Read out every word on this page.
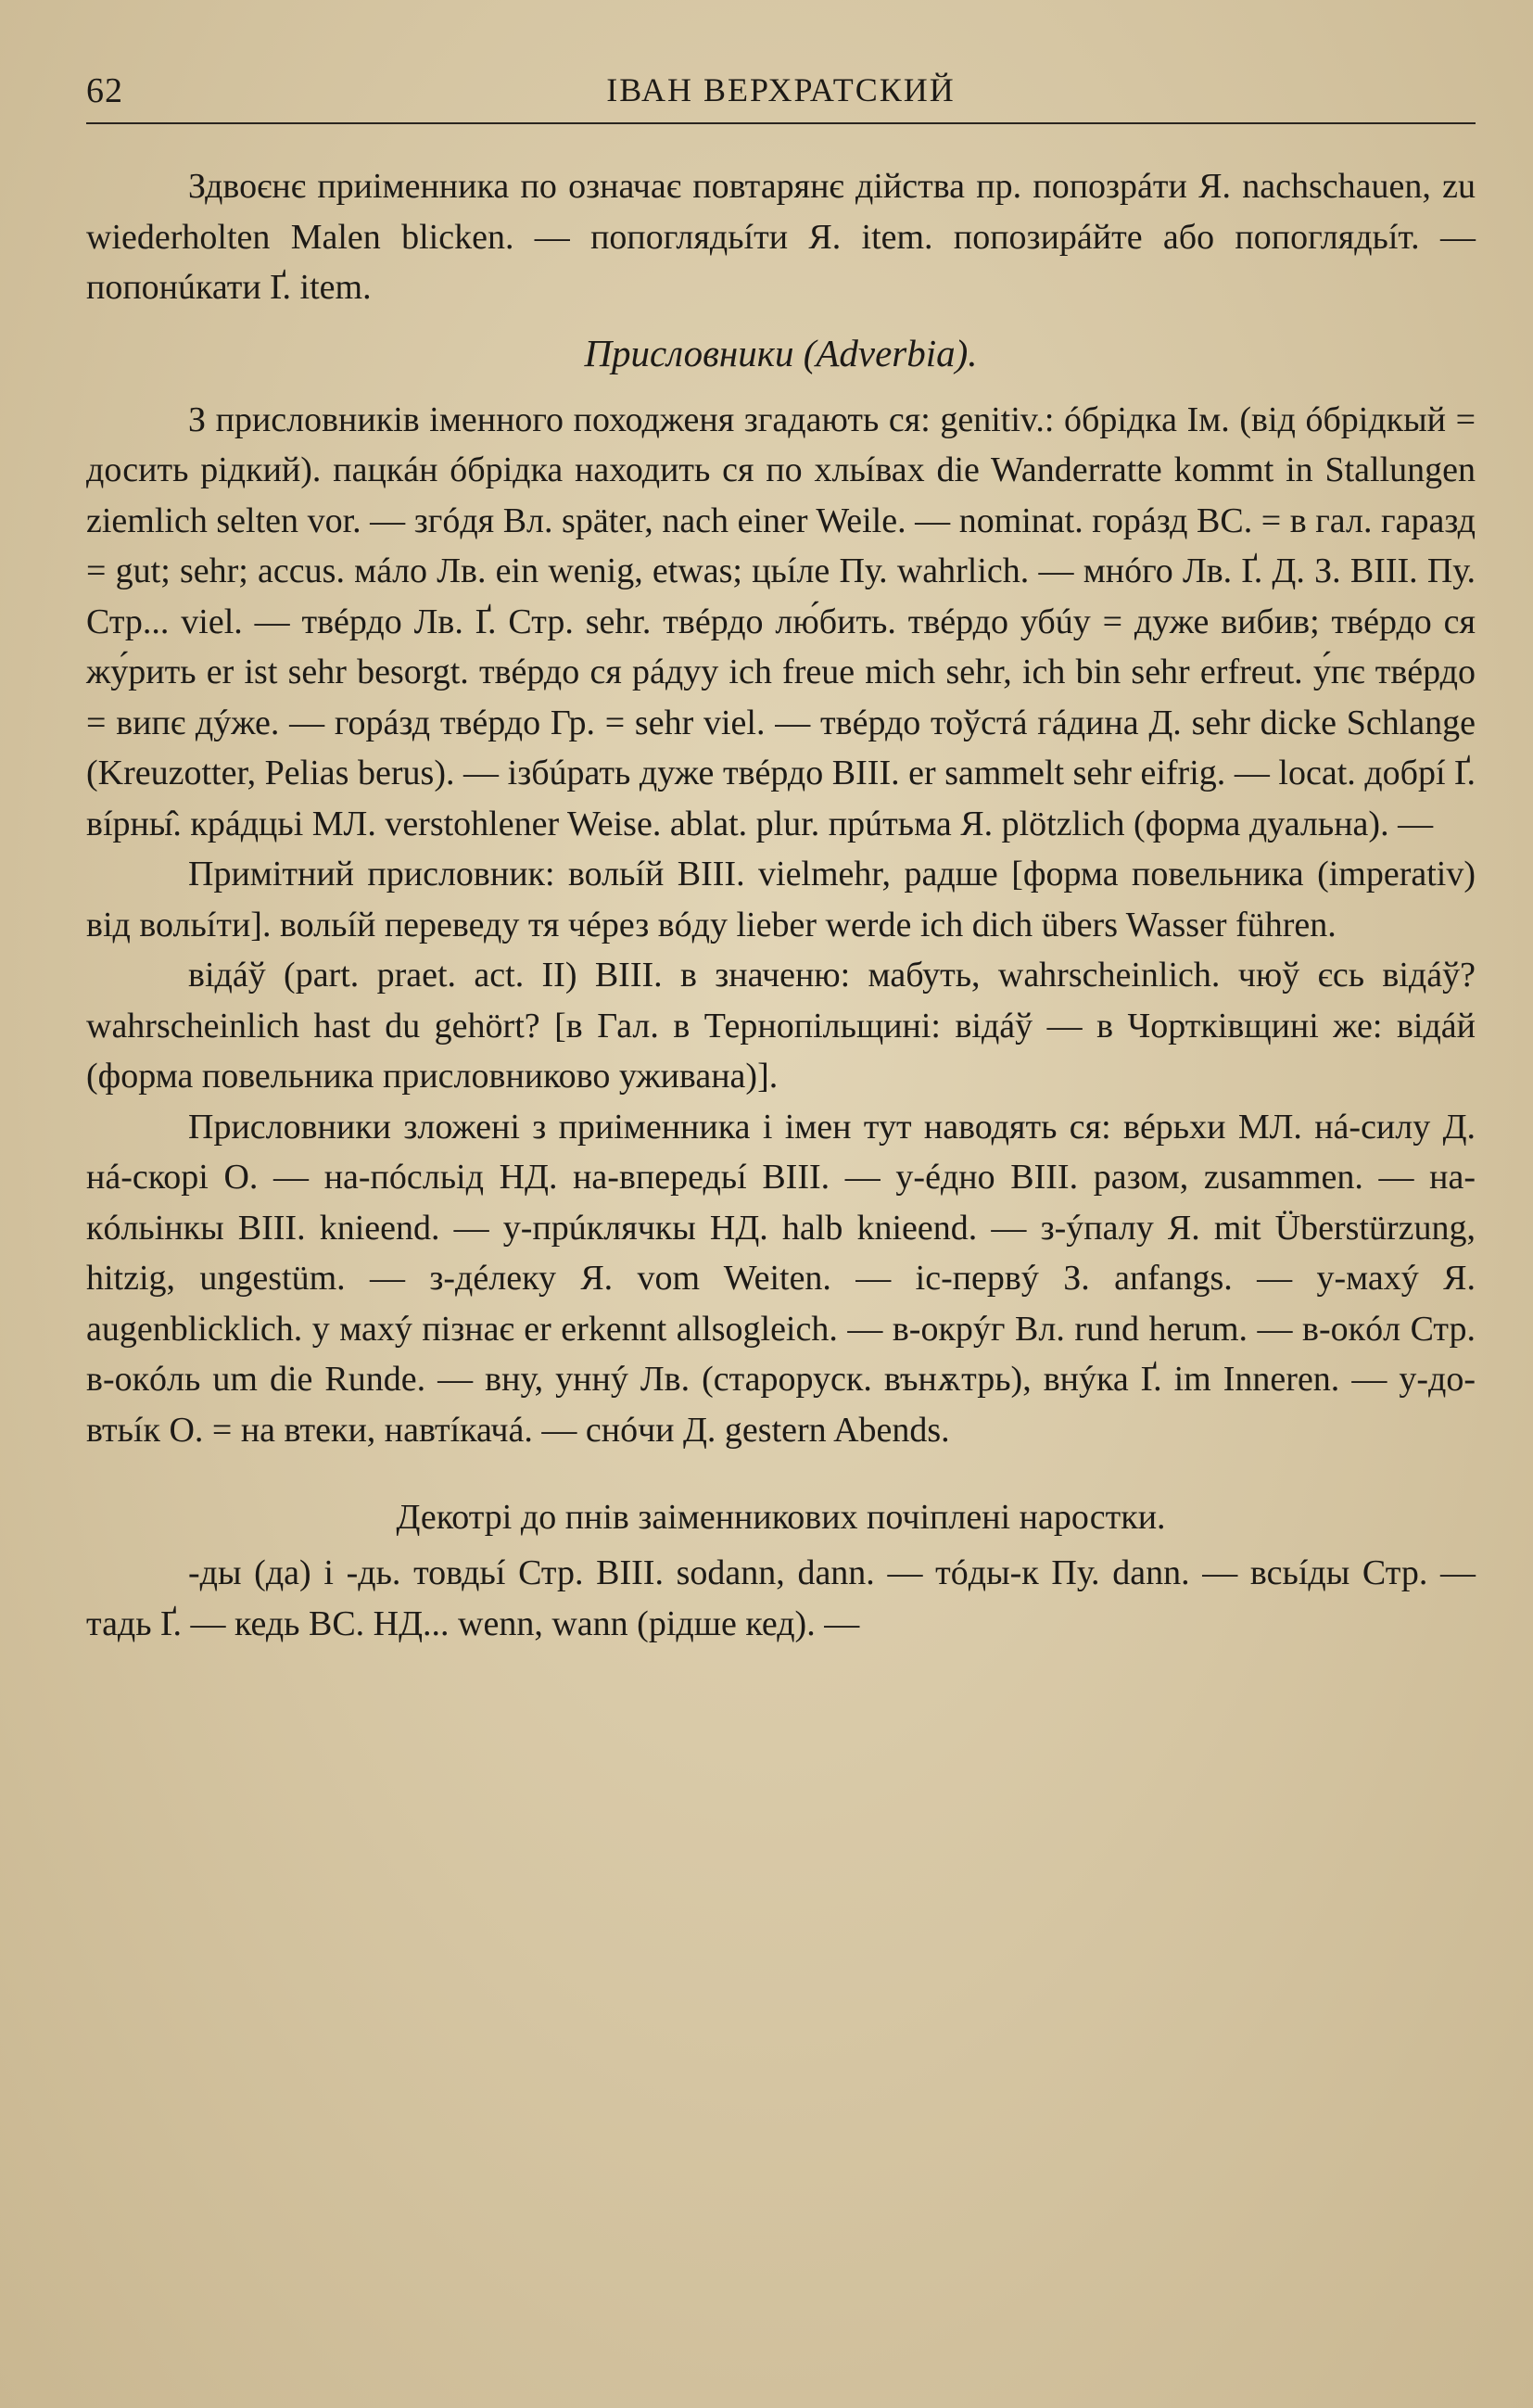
62	ІВАН ВЕРХРАТСКИЙ

Здвоєнє приіменника по означає повтарянє дійства пр. попозрáти Я. nachschauen, zu wiederholten Malen blicken. — попоглядьíти Я. item. попозирáйте або попоглядьíт. — попонúкати Ґ. item.

Присловники (Adverbia).

З присловників іменного походженя згадають ся: genitiv.: óбрідка Ім. (від óбрідкый = досить рідкий). пацкáн óбрідка находить ся по хльíвах die Wanderratte kommt in Stallungen ziemlich selten vor. — згóдя Вл. später, nach einer Weile. — nominat. горáзд ВС. = в гал. гаразд = gut; sehr; accus. мáло Лв. ein wenig, etwas; цьíле Пу. wahrlich. — мнóго Лв. Ґ. Д. З. ВІІІ. Пу. Стр... viel. — твéрдо Лв. Ґ. Стр. sehr. твéрдо лю́бить. твéрдо убúу = дуже вибив; твéрдо ся жу́рить er ist sehr besorgt. твéрдо ся рáдуу ich freue mich sehr, ich bin sehr erfreut. у́пє твéрдо = випє дýже. — горáзд твéрдо Гр. = sehr viel. — твéрдо тоўстá гáдина Д. sehr dicke Schlange (Kreuzotter, Pelias berus). — ізбúрать дуже твéрдо ВІІІ. er sammelt sehr eifrig. — locat. добрí Ґ. вíрны̂. крáдцьі МЛ. verstohlener Weise. ablat. plur. прúтьма Я. plötzlich (форма дуальна). —

Примітний присловник: вольíй ВІІІ. vielmehr, радше [форма повельника (imperativ) від вольíти]. вольíй переведу тя чéрез вóду lieber werde ich dich übers Wasser führen.

відáў (part. praet. act. II) ВІІІ. в значеню: мабуть, wahrscheinlich. чюў єсь відáў? wahrscheinlich hast du gehört? [в Гал. в Тернопільщині: відáў — в Чортківщині же: відáй (форма повельника присловниково уживана)].

Присловники зложені з приіменника і імен тут наводять ся: вéрьхи МЛ. нá-силу Д. нá-скорі О. — на-пóсльід НД. на-впередьí ВІІІ. — у-éдно ВІІІ. разом, zusammen. — на-кóльінкы ВІІІ. knieend. — у-прúклячкы НД. halb knieend. — з-ýпалу Я. mit Überstürzung, hitzig, ungestüm. — з-дéлеку Я. vom Weiten. — іс-первý З. anfangs. — у-махý Я. augenblicklich. у махý пізнає er erkennt allsogleich. — в-окрýг Вл. rund herum. — в-окóл Стр. в-окóль um die Runde. — вну, уннý Лв. (староруск. вънѫтрь), внýка Ґ. im Inneren. — у-до-втьíк О. = на втеки, навтíкачá. — снóчи Д. gestern Abends.

Декотрі до пнів заіменникових почіплені наростки.

-ды (да) і -дь. товдьí Стр. ВІІІ. sodann, dann. — тóды-к Пу. dann. — всьíды Стр. — тадь Ґ. — кедь ВС. НД... wenn, wann (рідше кед). —
